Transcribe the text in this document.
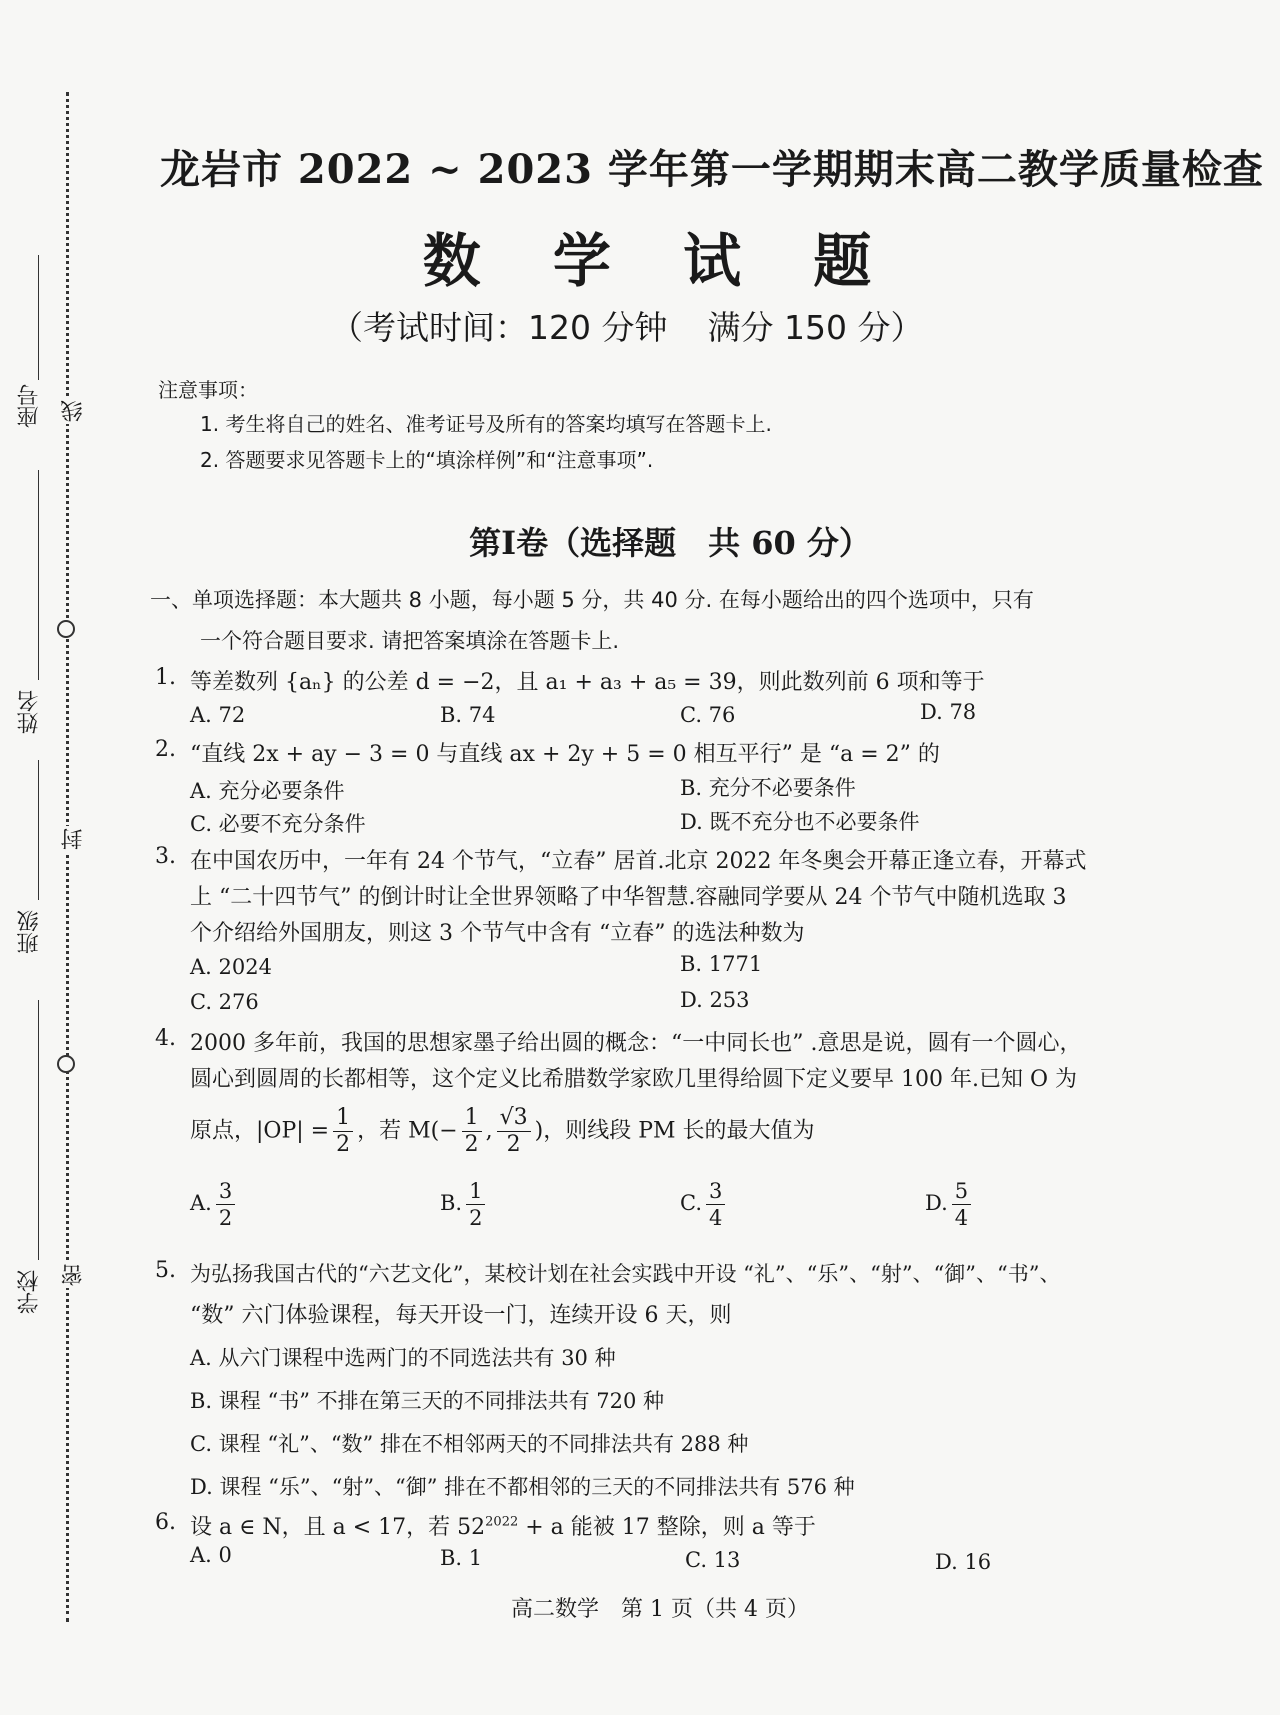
线
封
密
座号
姓名
班级
学校
龙岩市 2022 ~ 2023 学年第一学期期末高二教学质量检查
数 学 试 题
（考试时间：120 分钟 满分 150 分）
注意事项：
1. 考生将自己的姓名、准考证号及所有的答案均填写在答题卡上.
2. 答题要求见答题卡上的“填涂样例”和“注意事项”.
第Ⅰ卷（选择题　共 60 分）
一、单项选择题：本大题共 8 小题，每小题 5 分，共 40 分. 在每小题给出的四个选项中，只有
一个符合题目要求. 请把答案填涂在答题卡上.
1. 等差数列 {aₙ} 的公差 d = −2，且 a₁ + a₃ + a₅ = 39，则此数列前 6 项和等于
A. 72	B. 74	C. 76	D. 78
2. “直线 2x + ay − 3 = 0 与直线 ax + 2y + 5 = 0 相互平行” 是 “a = 2” 的
A. 充分必要条件	B. 充分不必要条件
C. 必要不充分条件	D. 既不充分也不必要条件
3. 在中国农历中，一年有 24 个节气，“立春” 居首.北京 2022 年冬奥会开幕正逢立春，开幕式
上 “二十四节气” 的倒计时让全世界领略了中华智慧.容融同学要从 24 个节气中随机选取 3
个介绍给外国朋友，则这 3 个节气中含有 “立春” 的选法种数为
A. 2024	B. 1771
C. 276	D. 253
4. 2000 多年前，我国的思想家墨子给出圆的概念：“一中同长也” .意思是说，圆有一个圆心，
圆心到圆周的长都相等，这个定义比希腊数学家欧几里得给圆下定义要早 100 年.已知 O 为
原点，$|OP| = \frac{1}{2}$ ，若 $M(- \frac{1}{2}$ , $\frac{√3}{2}$ )，则线段 PM 长的最大值为
A. $\frac{3}{2}$	B. $\frac{1}{2}$	C. $\frac{3}{4}$	D. $\frac{5}{4}$
5. 为弘扬我国古代的“六艺文化”，某校计划在社会实践中开设 “礼”、“乐”、“射”、“御”、“书”、
“数” 六门体验课程，每天开设一门，连续开设 6 天，则
A. 从六门课程中选两门的不同选法共有 30 种
B. 课程 “书” 不排在第三天的不同排法共有 720 种
C. 课程 “礼”、“数” 排在不相邻两天的不同排法共有 288 种
D. 课程 “乐”、“射”、“御” 排在不都相邻的三天的不同排法共有 576 种
6. 设 a ∈ N，且 a < 17，若 $52^{2022} + a$ 能被 17 整除，则 a 等于
A. 0	B. 1	C. 13	D. 16
高二数学　第 1 页（共 4 页）
